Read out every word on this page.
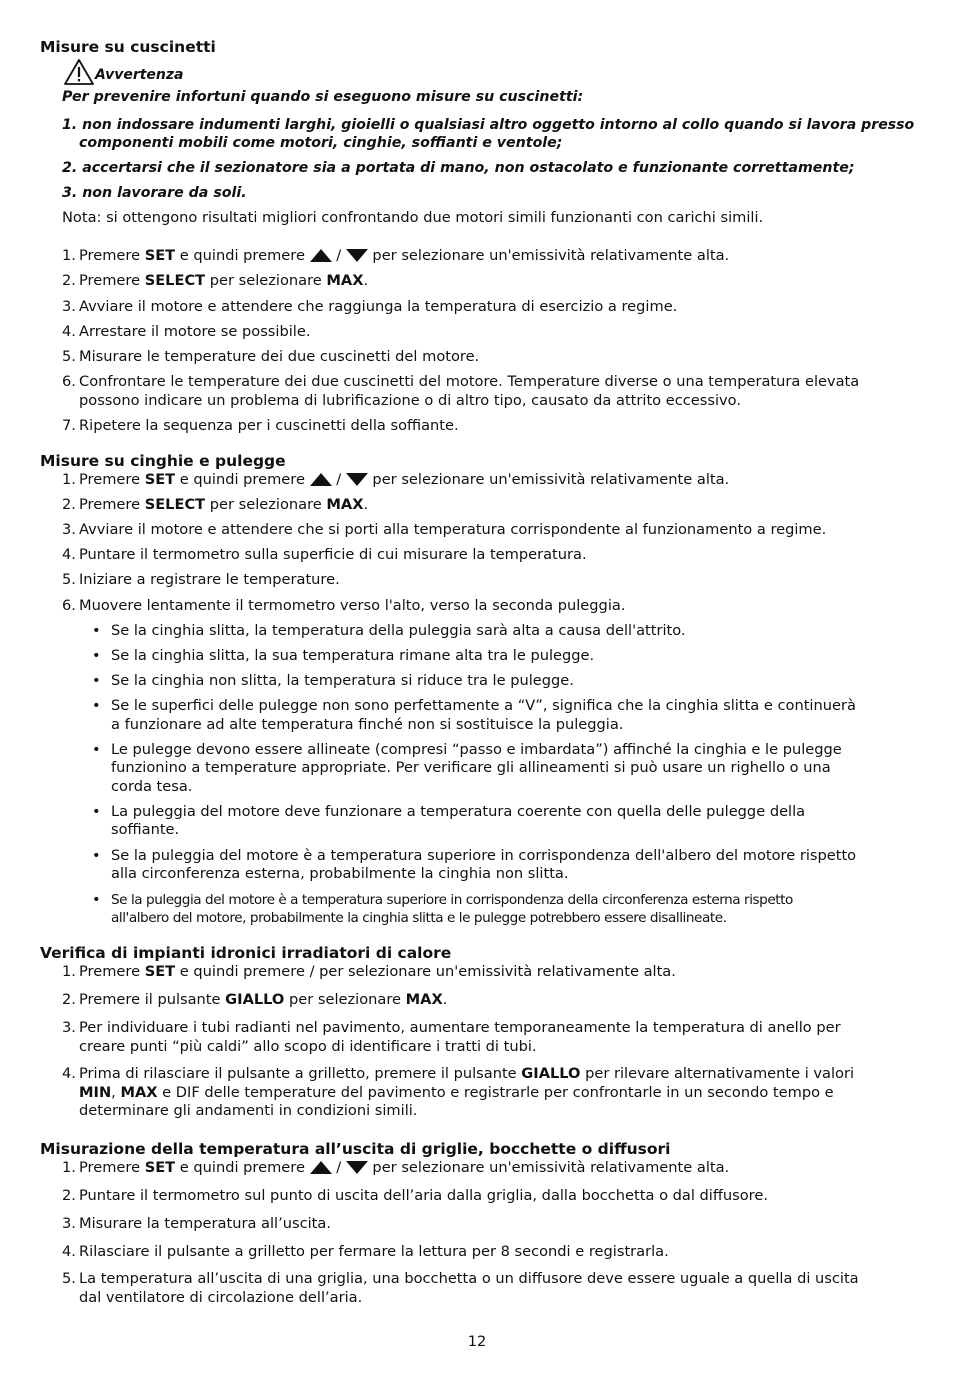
Misure su cuscinetti
Avvertenza
Per prevenire infortuni quando si eseguono misure su cuscinetti:
1. non indossare indumenti larghi, gioielli o qualsiasi altro oggetto intorno al collo quando si lavora presso
componenti mobili come motori, cinghie, soffianti e ventole;
2. accertarsi che il sezionatore sia a portata di mano, non ostacolato e funzionante correttamente;
3. non lavorare da soli.
Nota: si ottengono risultati migliori confrontando due motori simili funzionanti con carichi simili.
1. Premere SET e quindi premere  /  per selezionare un'emissività relativamente alta.
2. Premere SELECT per selezionare MAX.
3. Avviare il motore e attendere che raggiunga la temperatura di esercizio a regime.
4. Arrestare il motore se possibile.
5. Misurare le temperature dei due cuscinetti del motore.
6. Confrontare le temperature dei due cuscinetti del motore. Temperature diverse o una temperatura elevata
possono indicare un problema di lubrificazione o di altro tipo, causato da attrito eccessivo.
7. Ripetere la sequenza per i cuscinetti della soffiante.
Misure su cinghie e pulegge
1. Premere SET e quindi premere  /  per selezionare un'emissività relativamente alta.
2. Premere SELECT per selezionare MAX.
3. Avviare il motore e attendere che si porti alla temperatura corrispondente al funzionamento a regime.
4. Puntare il termometro sulla superficie di cui misurare la temperatura.
5. Iniziare a registrare le temperature.
6. Muovere lentamente il termometro verso l'alto, verso la seconda puleggia.
• Se la cinghia slitta, la temperatura della puleggia sarà alta a causa dell'attrito.
• Se la cinghia slitta, la sua temperatura rimane alta tra le pulegge.
• Se la cinghia non slitta, la temperatura si riduce tra le pulegge.
• Se le superfici delle pulegge non sono perfettamente a “V”, significa che la cinghia slitta e continuerà
a funzionare ad alte temperatura finché non si sostituisce la puleggia.
• Le pulegge devono essere allineate (compresi “passo e imbardata”) affinché la cinghia e le pulegge
funzionino a temperature appropriate. Per verificare gli allineamenti si può usare un righello o una
corda tesa.
• La puleggia del motore deve funzionare a temperatura coerente con quella delle pulegge della
soffiante.
• Se la puleggia del motore è a temperatura superiore in corrispondenza dell'albero del motore rispetto
alla circonferenza esterna, probabilmente la cinghia non slitta.
• Se la puleggia del motore è a temperatura superiore in corrispondenza della circonferenza esterna rispetto
all'albero del motore, probabilmente la cinghia slitta e le pulegge potrebbero essere disallineate.
Verifica di impianti idronici irradiatori di calore
1. Premere SET e quindi premere / per selezionare un'emissività relativamente alta.
2. Premere il pulsante GIALLO per selezionare MAX.
3. Per individuare i tubi radianti nel pavimento, aumentare temporaneamente la temperatura di anello per
creare punti “più caldi” allo scopo di identificare i tratti di tubi.
4. Prima di rilasciare il pulsante a grilletto, premere il pulsante GIALLO per rilevare alternativamente i valori
MIN, MAX e DIF delle temperature del pavimento e registrarle per confrontarle in un secondo tempo e
determinare gli andamenti in condizioni simili.
Misurazione della temperatura all’uscita di griglie, bocchette o diffusori
1. Premere SET e quindi premere  /  per selezionare un'emissività relativamente alta.
2. Puntare il termometro sul punto di uscita dell’aria dalla griglia, dalla bocchetta o dal diffusore.
3. Misurare la temperatura all’uscita.
4. Rilasciare il pulsante a grilletto per fermare la lettura per 8 secondi e registrarla.
5. La temperatura all’uscita di una griglia, una bocchetta o un diffusore deve essere uguale a quella di uscita
dal ventilatore di circolazione dell’aria.
12
